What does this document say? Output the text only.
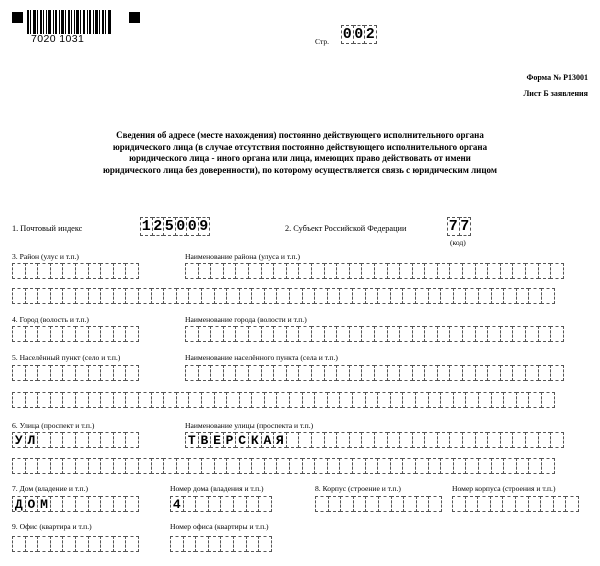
7020 1031	Стр. 0 0 2
Форма № Р13001
Лист Б заявления
Сведения об адресе (месте нахождения) постоянно действующего исполнительного органа
юридического лица (в случае отсутствия постоянно действующего исполнительного органа
юридического лица - иного органа или лица, имеющих право действовать от имени
юридического лица без доверенности), по которому осуществляется связь с юридическим лицом
1. Почтовый индекс	1 2 5 0 0 9	2. Субъект Российской Федерации	7 7
(код)
3. Район (улус и т.п.)	Наименование района (улуса и т.п.)
4. Город (волость и т.п.)	Наименование города (волости и т.п.)
5. Населённый пункт (село и т.п.)	Наименование населённого пункта (села и т.п.)
6. Улица (проспект и т.п.)	Наименование улицы (проспекта и т.п.)
У Л	Т В Е Р С К А Я
7. Дом (владение и т.п.)	Номер дома (владения и т.п.)
Д О М	4
8. Корпус (строение и т.п.)	Номер корпуса (строения и т.п.)
9. Офис (квартира и т.п.)	Номер офиса (квартиры и т.п.)
